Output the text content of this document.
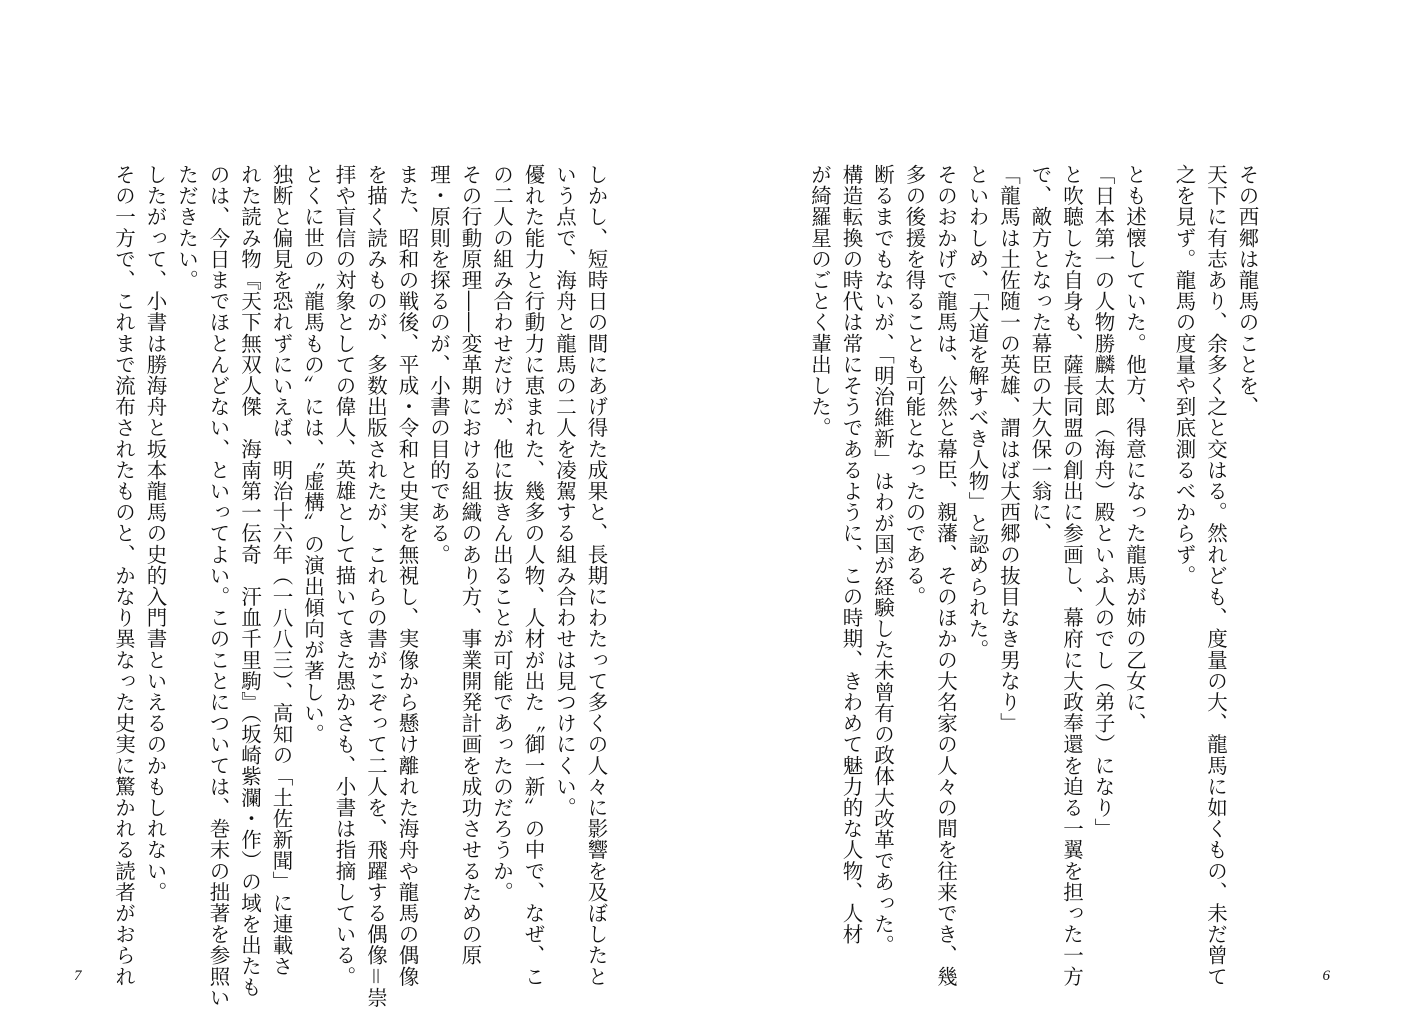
その西郷は龍馬のことを、
天下に有志あり、余多く之と交はる。然れども、度量の大、龍馬に如くもの、未だ曾て
之を見ず。龍馬の度量や到底測るべからず。
とも述懐していた。他方、得意になった龍馬が姉の乙女に、
「日本第一の人物勝麟太郎（海舟）殿といふ人のでし（弟子）になり」
と吹聴した自身も、薩長同盟の創出に参画し、幕府に大政奉還を迫る一翼を担った一方
で、敵方となった幕臣の大久保一翁に、
「龍馬は土佐随一の英雄、謂はば大西郷の抜目なき男なり」
といわしめ、「大道を解すべき人物」と認められた。
そのおかげで龍馬は、公然と幕臣、親藩、そのほかの大名家の人々の間を往来でき、幾
多の後援を得ることも可能となったのである。
断るまでもないが、「明治維新」はわが国が経験した未曾有の政体大改革であった。
構造転換の時代は常にそうであるように、この時期、きわめて魅力的な人物、人材
が綺羅星のごとく輩出した。
6
しかし、短時日の間にあげ得た成果と、長期にわたって多くの人々に影響を及ぼしたと
いう点で、海舟と龍馬の二人を凌駕する組み合わせは見つけにくい。
優れた能力と行動力に恵まれた、幾多の人物、人材が出た〝御一新〟の中で、なぜ、こ
の二人の組み合わせだけが、他に抜きん出ることが可能であったのだろうか。
その行動原理――変革期における組織のあり方、事業開発計画を成功させるための原
理・原則を探るのが、小書の目的である。
また、昭和の戦後、平成・令和と史実を無視し、実像から懸け離れた海舟や龍馬の偶像
を描く読みものが、多数出版されたが、これらの書がこぞって二人を、飛躍する偶像＝崇
拝や盲信の対象としての偉人、英雄として描いてきた愚かさも、小書は指摘している。
とくに世の〝龍馬もの〟には、〝虚構〟の演出傾向が著しい。
独断と偏見を恐れずにいえば、明治十六年（一八八三）、高知の「土佐新聞」に連載さ
れた読み物『天下無双人傑　海南第一伝奇　汗血千里駒』（坂崎紫瀾・作）の域を出たも
のは、今日までほとんどない、といってよい。このことについては、巻末の拙著を参照い
ただきたい。
したがって、小書は勝海舟と坂本龍馬の史的入門書といえるのかもしれない。
その一方で、これまで流布されたものと、かなり異なった史実に驚かれる読者がおられ
7
